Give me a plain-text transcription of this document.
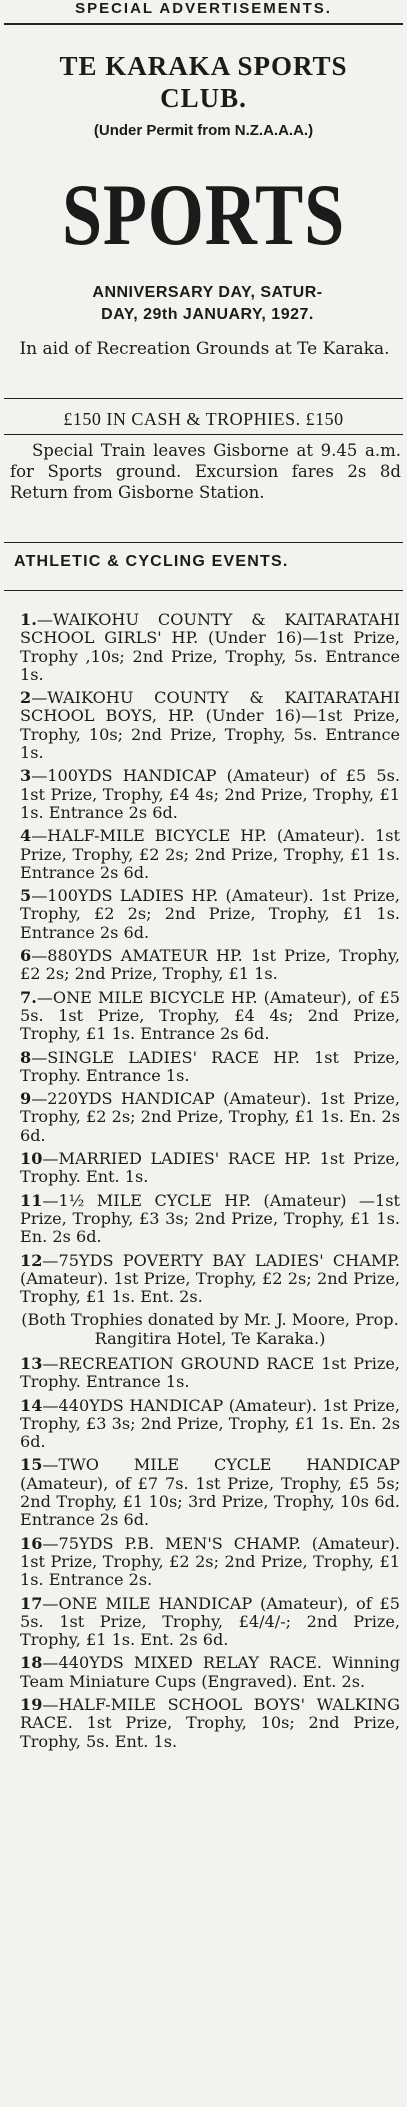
SPECIAL ADVERTISEMENTS.
TE KARAKA SPORTS
CLUB.
(Under Permit from N.Z.A.A.A.)
SPORTS
ANNIVERSARY DAY, SATUR-
DAY, 29th JANUARY, 1927.
In aid of Recreation Grounds at Te Karaka.
£150 IN CASH & TROPHIES. £150
Special Train leaves Gisborne at 9.45 a.m. for Sports ground. Excursion fares 2s 8d Return from Gisborne Station.
ATHLETIC & CYCLING EVENTS.
1.—WAIKOHU COUNTY & KAITARATAHI SCHOOL GIRLS' HP. (Under 16)—1st Prize, Trophy ,10s; 2nd Prize, Trophy, 5s. Entrance 1s.
2—WAIKOHU COUNTY & KAITARATAHI SCHOOL BOYS, HP. (Under 16)—1st Prize, Trophy, 10s; 2nd Prize, Trophy, 5s. Entrance 1s.
3—100YDS HANDICAP (Amateur) of £5 5s. 1st Prize, Trophy, £4 4s; 2nd Prize, Trophy, £1 1s. Entrance 2s 6d.
4—HALF-MILE BICYCLE HP. (Amateur). 1st Prize, Trophy, £2 2s; 2nd Prize, Trophy, £1 1s. Entrance 2s 6d.
5—100YDS LADIES HP. (Amateur). 1st Prize, Trophy, £2 2s; 2nd Prize, Trophy, £1 1s. Entrance 2s 6d.
6—880YDS AMATEUR HP. 1st Prize, Trophy, £2 2s; 2nd Prize, Trophy, £1 1s.
7.—ONE MILE BICYCLE HP. (Amateur), of £5 5s. 1st Prize, Trophy, £4 4s; 2nd Prize, Trophy, £1 1s. Entrance 2s 6d.
8—SINGLE LADIES' RACE HP. 1st Prize, Trophy. Entrance 1s.
9—220YDS HANDICAP (Amateur). 1st Prize, Trophy, £2 2s; 2nd Prize, Trophy, £1 1s. En. 2s 6d.
10—MARRIED LADIES' RACE HP. 1st Prize, Trophy. Ent. 1s.
11—1½ MILE CYCLE HP. (Amateur) —1st Prize, Trophy, £3 3s; 2nd Prize, Trophy, £1 1s. En. 2s 6d.
12—75YDS POVERTY BAY LADIES' CHAMP. (Amateur). 1st Prize, Trophy, £2 2s; 2nd Prize, Trophy, £1 1s. Ent. 2s.
(Both Trophies donated by Mr. J. Moore, Prop. Rangitira Hotel, Te Karaka.)
13—RECREATION GROUND RACE 1st Prize, Trophy. Entrance 1s.
14—440YDS HANDICAP (Amateur). 1st Prize, Trophy, £3 3s; 2nd Prize, Trophy, £1 1s. En. 2s 6d.
15—TWO MILE CYCLE HANDICAP (Amateur), of £7 7s. 1st Prize, Trophy, £5 5s; 2nd Trophy, £1 10s; 3rd Prize, Trophy, 10s 6d. Entrance 2s 6d.
16—75YDS P.B. MEN'S CHAMP. (Amateur). 1st Prize, Trophy, £2 2s; 2nd Prize, Trophy, £1 1s. Entrance 2s.
17—ONE MILE HANDICAP (Amateur), of £5 5s. 1st Prize, Trophy, £4/4/-; 2nd Prize, Trophy, £1 1s. Ent. 2s 6d.
18—440YDS MIXED RELAY RACE. Winning Team Miniature Cups (Engraved). Ent. 2s.
19—HALF-MILE SCHOOL BOYS' WALKING RACE. 1st Prize, Trophy, 10s; 2nd Prize, Trophy, 5s. Ent. 1s.
